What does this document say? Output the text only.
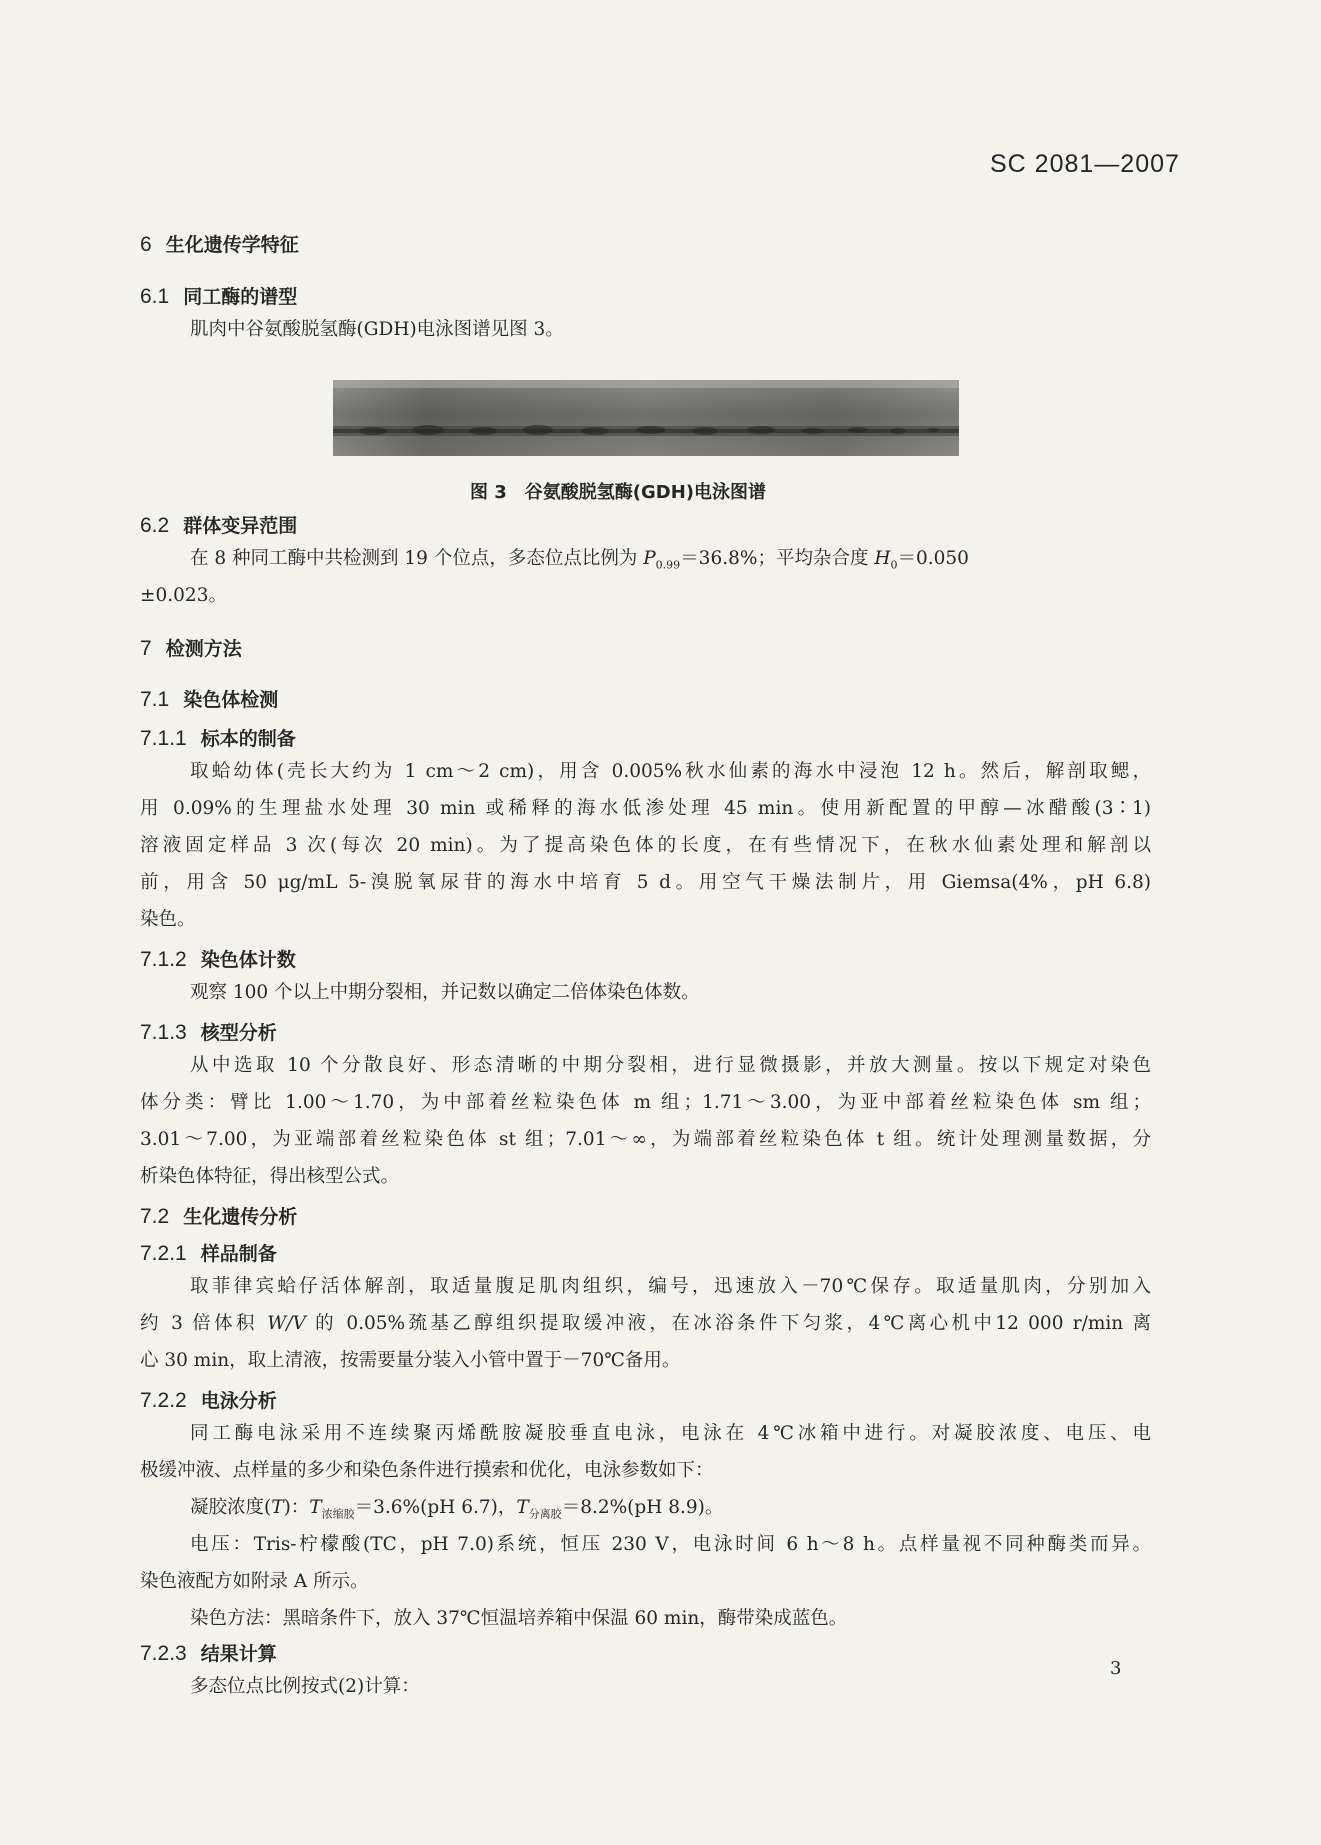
SC 2081—2007
6 生化遗传学特征
6.1 同工酶的谱型
肌肉中谷氨酸脱氢酶(GDH)电泳图谱见图 3。
图 3　谷氨酸脱氢酶(GDH)电泳图谱
6.2 群体变异范围
在 8 种同工酶中共检测到 19 个位点，多态位点比例为 $P_{0.99}=36.8\%$；平均杂合度 $H_0=0.050$
±0.023。
7 检测方法
7.1 染色体检测
7.1.1 标本的制备
取蛤幼体(壳长大约为 1 cm～2 cm)，用含 0.005%秋水仙素的海水中浸泡 12 h。然后，解剖取鳃，
用 0.09%的生理盐水处理 30 min 或稀释的海水低渗处理 45 min。使用新配置的甲醇—冰醋酸(3∶1)
溶液固定样品 3 次(每次 20 min)。为了提高染色体的长度，在有些情况下，在秋水仙素处理和解剖以
前，用含 50 μg/mL 5-溴脱氧尿苷的海水中培育 5 d。用空气干燥法制片，用 Giemsa(4%，pH 6.8)
染色。
7.1.2 染色体计数
观察 100 个以上中期分裂相，并记数以确定二倍体染色体数。
7.1.3 核型分析
从中选取 10 个分散良好、形态清晰的中期分裂相，进行显微摄影，并放大测量。按以下规定对染色
体分类：臂比 1.00～1.70，为中部着丝粒染色体 m 组；1.71～3.00，为亚中部着丝粒染色体 sm 组；
3.01～7.00，为亚端部着丝粒染色体 st 组；7.01～∞，为端部着丝粒染色体 t 组。统计处理测量数据，分
析染色体特征，得出核型公式。
7.2 生化遗传分析
7.2.1 样品制备
取菲律宾蛤仔活体解剖，取适量腹足肌肉组织，编号，迅速放入－70℃保存。取适量肌肉，分别加入
约 3 倍体积 W/V 的 0.05%巯基乙醇组织提取缓冲液，在冰浴条件下匀浆，4℃离心机中12 000 r/min 离
心 30 min，取上清液，按需要量分装入小管中置于－70℃备用。
7.2.2 电泳分析
同工酶电泳采用不连续聚丙烯酰胺凝胶垂直电泳，电泳在 4℃冰箱中进行。对凝胶浓度、电压、电
极缓冲液、点样量的多少和染色条件进行摸索和优化，电泳参数如下：
凝胶浓度(T)：$T_{浓缩胶}=3.6\%(pH$ 6.7)，$T_{分离胶}=8.2\%(pH$ 8.9)。
电压：Tris-柠檬酸(TC，pH 7.0)系统，恒压 230 V，电泳时间 6 h～8 h。点样量视不同种酶类而异。
染色液配方如附录 A 所示。
染色方法：黑暗条件下，放入 37℃恒温培养箱中保温 60 min，酶带染成蓝色。
7.2.3 结果计算
多态位点比例按式(2)计算：
3
